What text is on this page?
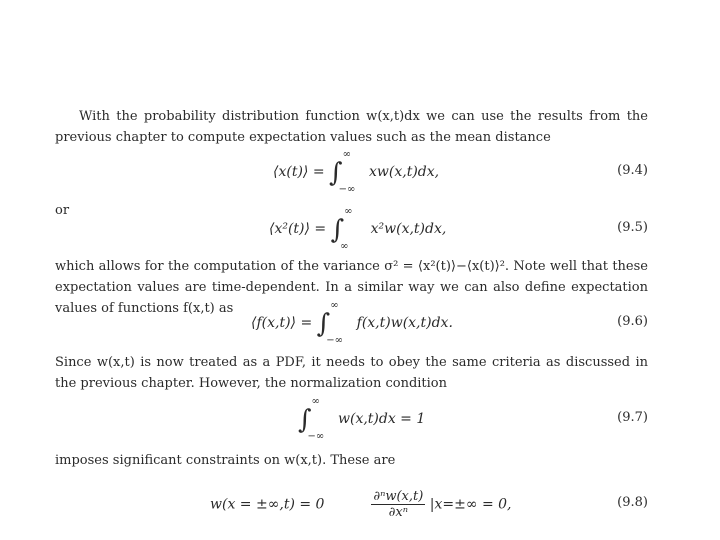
With the probability distribution function w(x,t)dx we can use the results from the previous chapter to compute expectation values such as the mean distance

⟨x(t)⟩ = ∫
∞
−∞
xw(x,t)dx,	(9.4)

or

⟨x²(t)⟩ = ∫
∞
∞
x²w(x,t)dx,	(9.5)

which allows for the computation of the variance σ² = ⟨x²(t)⟩−⟨x(t)⟩². Note well that these expectation values are time-dependent. In a similar way we can also define expectation values of functions f(x,t) as

⟨f(x,t)⟩ = ∫
∞
−∞
f(x,t)w(x,t)dx.	(9.6)

Since w(x,t) is now treated as a PDF, it needs to obey the same criteria as discussed in the previous chapter. However, the normalization condition

∫
∞
−∞
w(x,t)dx = 1	(9.7)

imposes significant constraints on w(x,t). These are

w(x = ±∞,t) = 0	$\frac{\text{∂ⁿw(x,t)}}{\text{∂xⁿ}} |x=\pm\infty = 0$,	(9.8)
